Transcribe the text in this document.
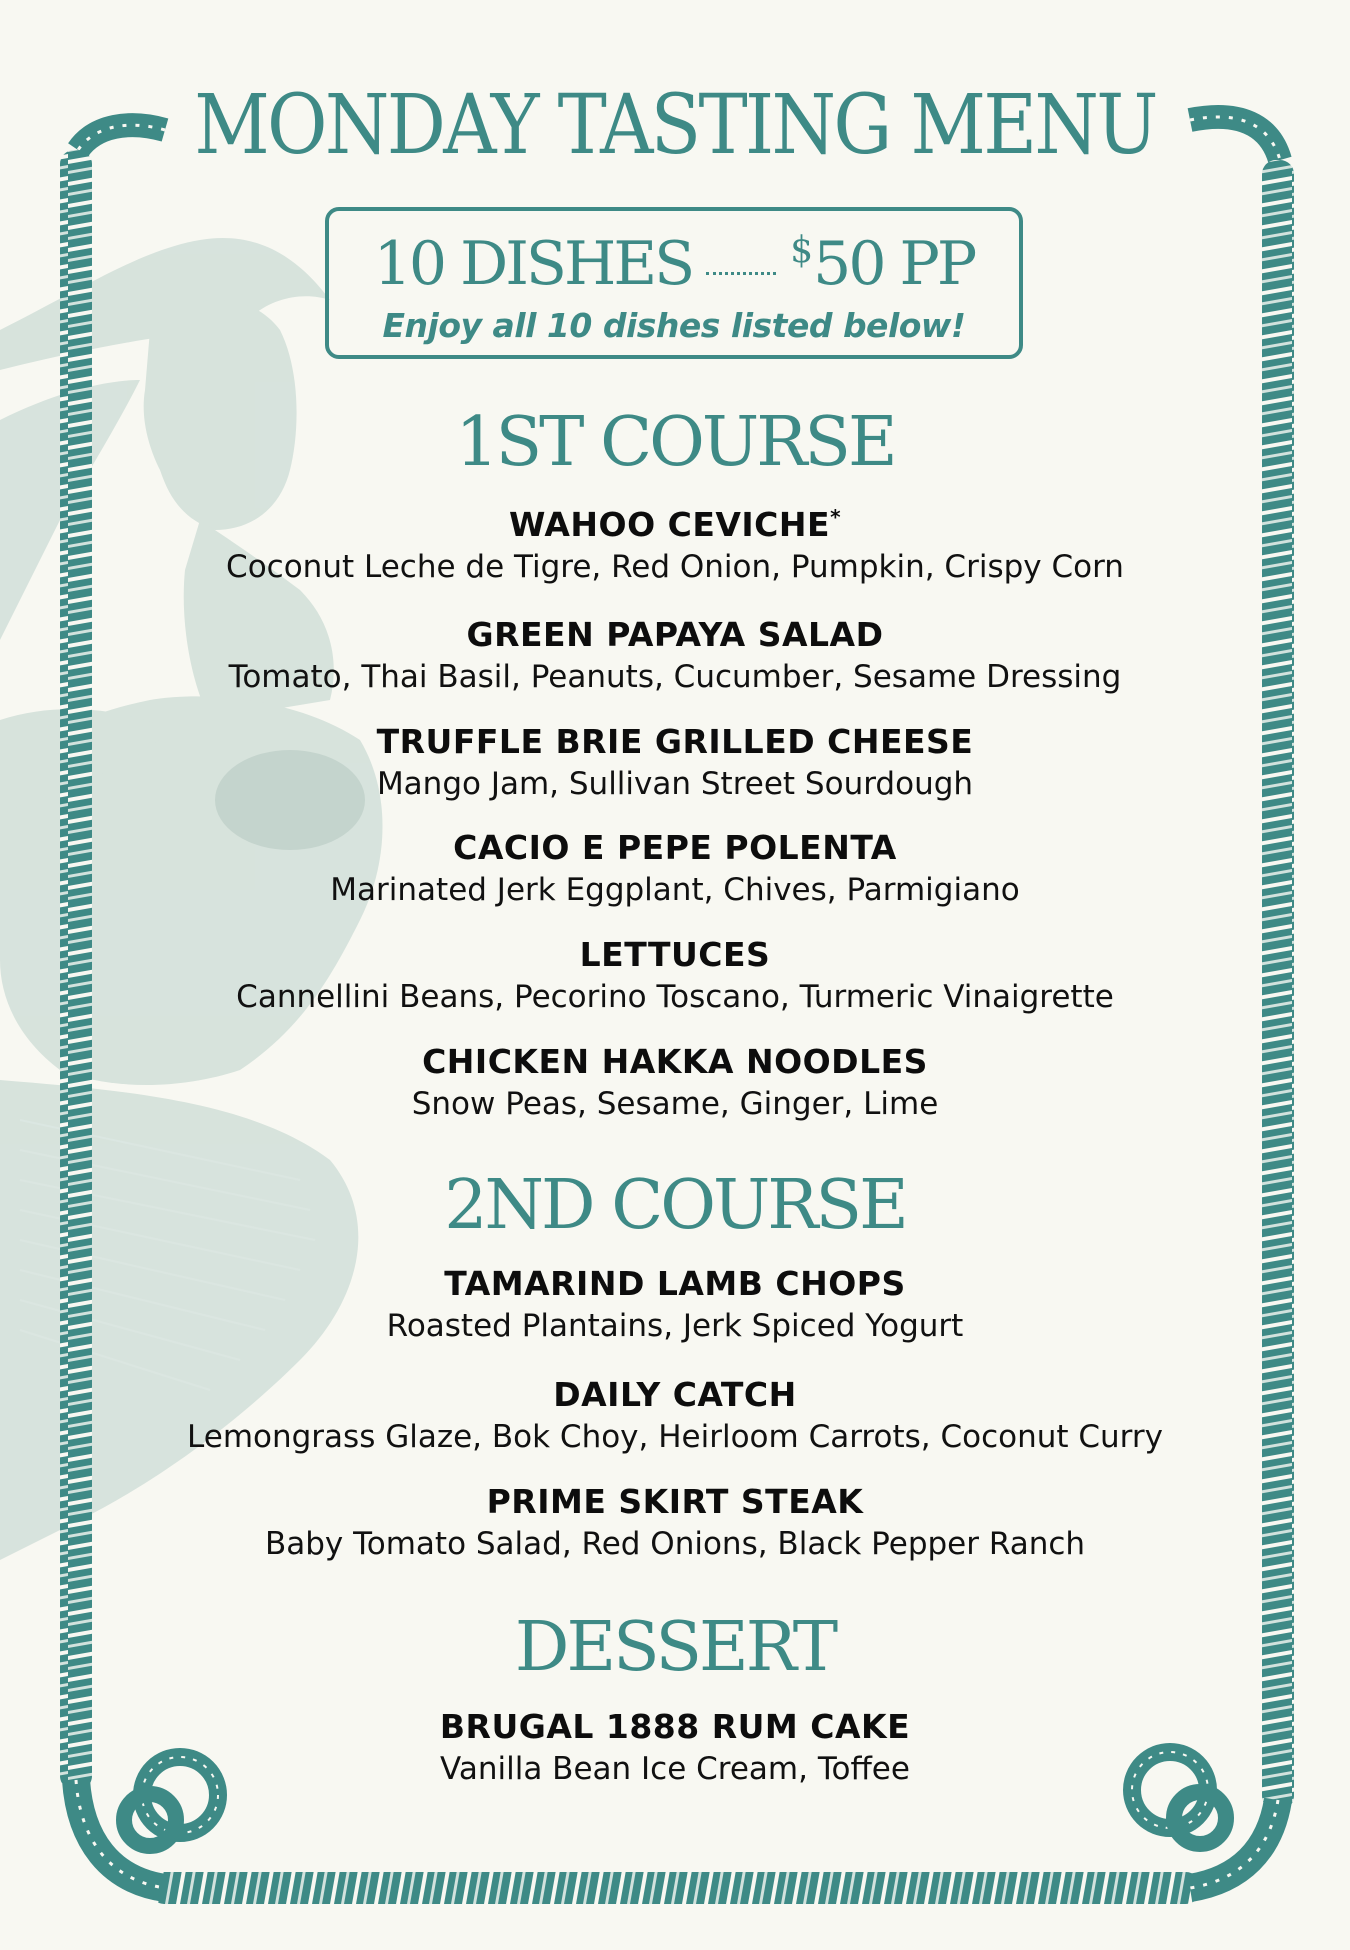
MONDAY TASTING MENU
10 DISHES	$ 50 PP
Enjoy all 10 dishes listed below!
1ST COURSE
WAHOO CEVICHE*
Coconut Leche de Tigre, Red Onion, Pumpkin, Crispy Corn
GREEN PAPAYA SALAD
Tomato, Thai Basil, Peanuts, Cucumber, Sesame Dressing
TRUFFLE BRIE GRILLED CHEESE
Mango Jam, Sullivan Street Sourdough
CACIO E PEPE POLENTA
Marinated Jerk Eggplant, Chives, Parmigiano
LETTUCES
Cannellini Beans, Pecorino Toscano, Turmeric Vinaigrette
CHICKEN HAKKA NOODLES
Snow Peas, Sesame, Ginger, Lime
2ND COURSE
TAMARIND LAMB CHOPS
Roasted Plantains, Jerk Spiced Yogurt
DAILY CATCH
Lemongrass Glaze, Bok Choy, Heirloom Carrots, Coconut Curry
PRIME SKIRT STEAK
Baby Tomato Salad, Red Onions, Black Pepper Ranch
DESSERT
BRUGAL 1888 RUM CAKE
Vanilla Bean Ice Cream, Toffee
